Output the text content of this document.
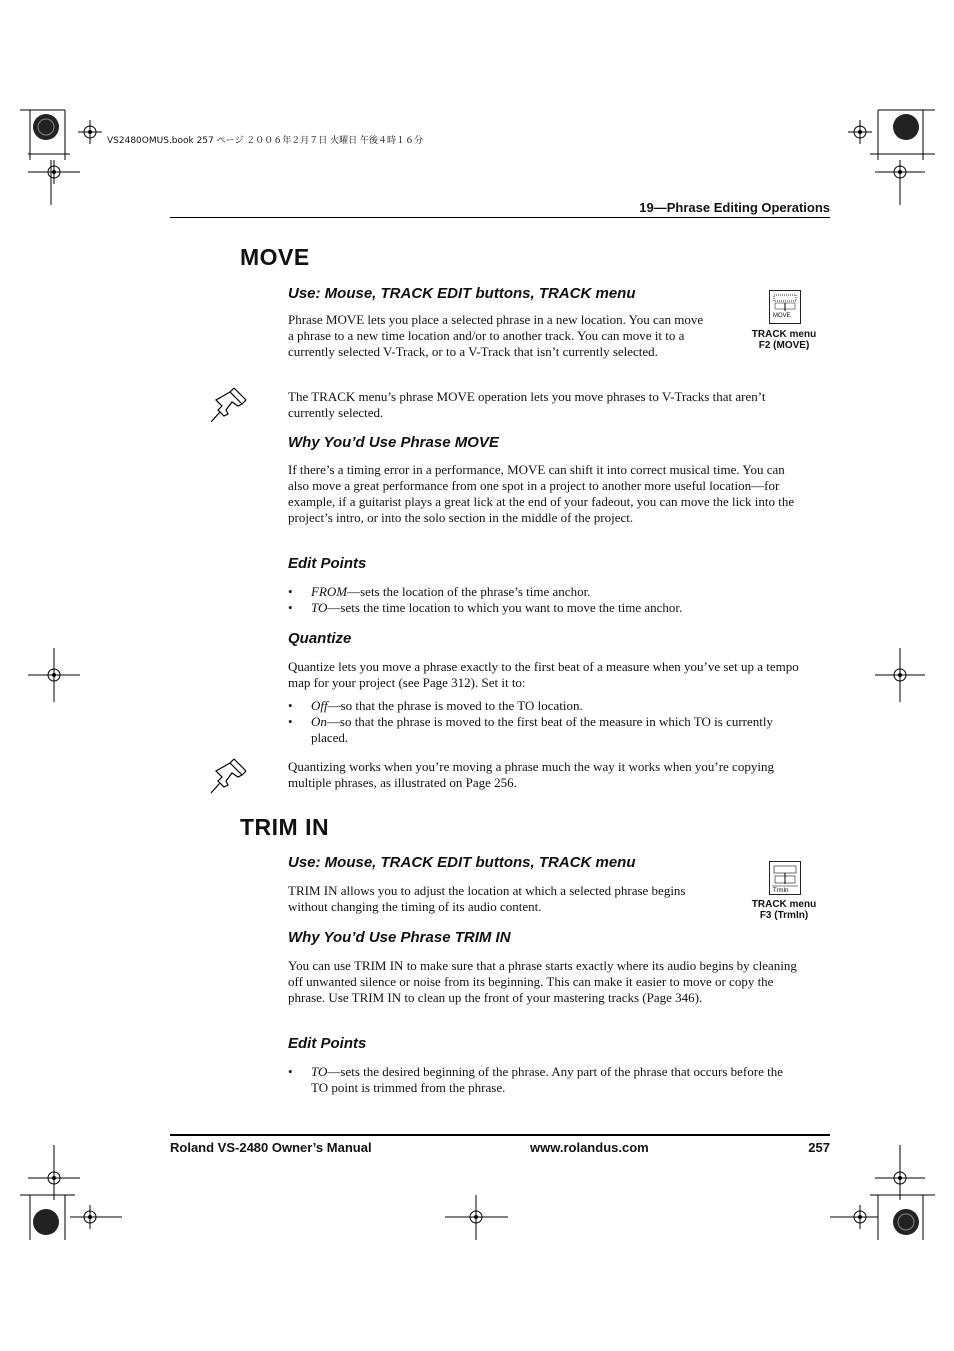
VS2480OMUS.book 257 ページ ２００６年２月７日 火曜日 午後４時１６分
19—Phrase Editing Operations
MOVE
Use: Mouse, TRACK EDIT buttons, TRACK menu

Phrase MOVE lets you place a selected phrase in a new location. You can move a phrase to a new time location and/or to another track. You can move it to a currently selected V-Track, or to a V-Track that isn’t currently selected.

MOVE
TRACK menu
F2 (MOVE)

The TRACK menu’s phrase MOVE operation lets you move phrases to V-Tracks that aren’t currently selected.

Why You’d Use Phrase MOVE

If there’s a timing error in a performance, MOVE can shift it into correct musical time. You can also move a great performance from one spot in a project to another more useful location—for example, if a guitarist plays a great lick at the end of your fadeout, you can move the lick into the project’s intro, or into the solo section in the middle of the project.

Edit Points
• FROM—sets the location of the phrase’s time anchor.
• TO—sets the time location to which you want to move the time anchor.
Quantize

Quantize lets you move a phrase exactly to the first beat of a measure when you’ve set up a tempo map for your project (see Page 312). Set it to:

• Off—so that the phrase is moved to the TO location.
• On—so that the phrase is moved to the first beat of the measure in which TO is currently placed.

Quantizing works when you’re moving a phrase much the way it works when you’re copying multiple phrases, as illustrated on Page 256.

TRIM IN
Use: Mouse, TRACK EDIT buttons, TRACK menu

TRIM IN allows you to adjust the location at which a selected phrase begins without changing the timing of its audio content.

TrmIn
TRACK menu
F3 (TrmIn)
Why You’d Use Phrase TRIM IN

You can use TRIM IN to make sure that a phrase starts exactly where its audio begins by cleaning off unwanted silence or noise from its beginning. This can make it easier to move or copy the phrase. Use TRIM IN to clean up the front of your mastering tracks (Page 346).

Edit Points
• TO—sets the desired beginning of the phrase. Any part of the phrase that occurs before the TO point is trimmed from the phrase.
Roland VS-2480 Owner’s Manual	www.rolandus.com	257
